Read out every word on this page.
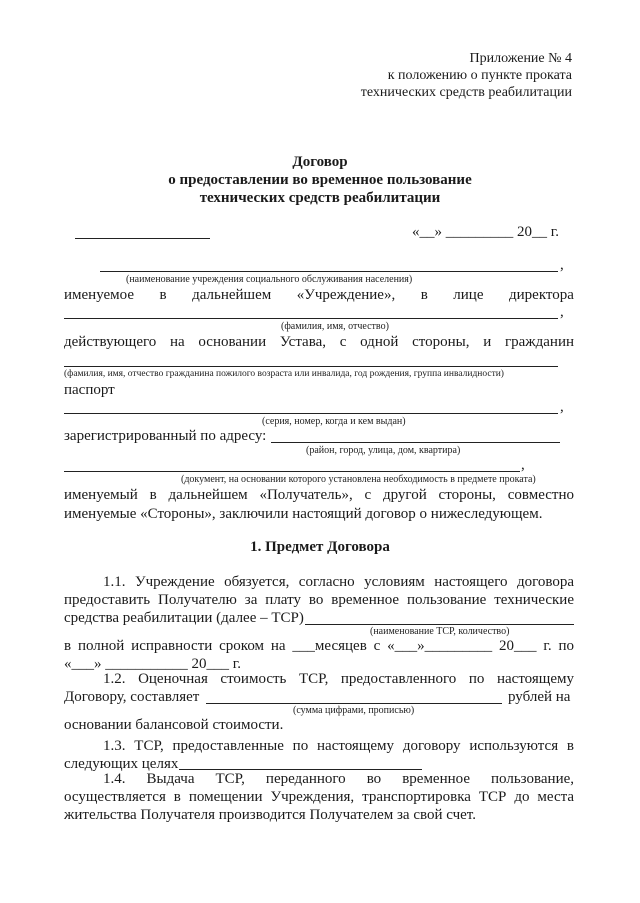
Приложение № 4
к положению о пункте проката
технических средств реабилитации
Договор
о предоставлении во временное пользование
технических средств реабилитации
«__» _________ 20__ г.
,
(наименование учреждения социального обслуживания населения)
именуемое в дальнейшем «Учреждение», в лице директора
,
(фамилия, имя, отчество)
действующего на основании Устава, с одной стороны, и гражданин
(фамилия, имя, отчество гражданина пожилого возраста или инвалида, год рождения, группа инвалидности)
паспорт
,
(серия, номер, когда и кем выдан)
зарегистрированный по адресу:
(район, город, улица, дом, квартира)
,
(документ, на основании которого установлена необходимость в предмете проката)
именуемый в дальнейшем «Получатель», с другой стороны, совместно
именуемые «Стороны», заключили настоящий договор о нижеследующем.
1. Предмет Договора
1.1. Учреждение обязуется, согласно условиям настоящего договора
предоставить Получателю за плату во временное пользование технические
средства реабилитации (далее – ТСР)
(наименование ТСР, количество)
в полной исправности сроком на ___месяцев с «___»_________ 20___ г. по
«___» ___________ 20___ г.
1.2. Оценочная стоимость ТСР, предоставленного по настоящему
Договору, составляет	рублей на
(сумма цифрами, прописью)
основании балансовой стоимости.
1.3. ТСР, предоставленные по настоящему договору используются в
следующих целях
1.4. Выдача ТСР, переданного во временное пользование,
осуществляется в помещении Учреждения, транспортировка ТСР до места
жительства Получателя производится Получателем за свой счет.
